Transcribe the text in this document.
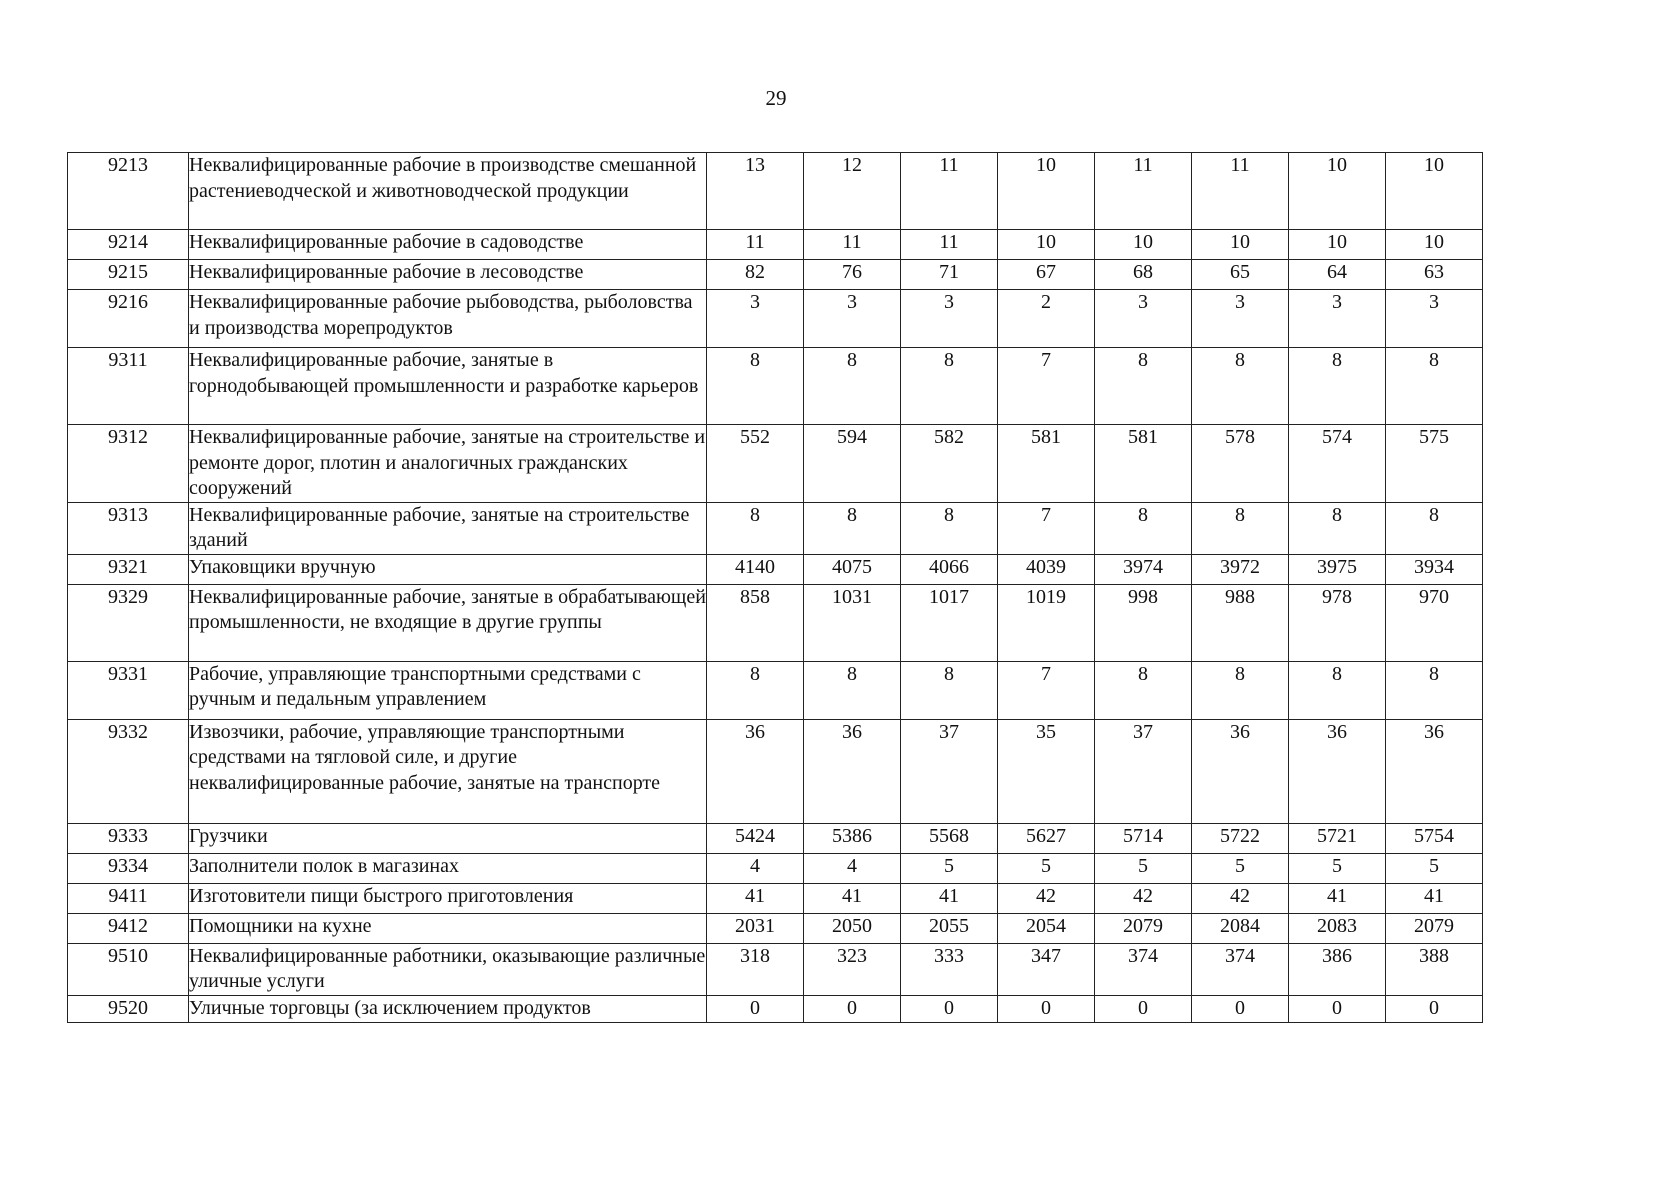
29
9213	Неквалифицированные рабочие в производстве смешанной растениеводческой и животноводческой продукции	13	12	11	10	11	11	10	10
9214	Неквалифицированные рабочие в садоводстве	11	11	11	10	10	10	10	10
9215	Неквалифицированные рабочие в лесоводстве	82	76	71	67	68	65	64	63
9216	Неквалифицированные рабочие рыбоводства, рыболовства и производства морепродуктов	3	3	3	2	3	3	3	3
9311	Неквалифицированные рабочие, занятые в горнодобывающей промышленности и разработке карьеров	8	8	8	7	8	8	8	8
9312	Неквалифицированные рабочие, занятые на строительстве и ремонте дорог, плотин и аналогичных гражданских сооружений	552	594	582	581	581	578	574	575
9313	Неквалифицированные рабочие, занятые на строительстве зданий	8	8	8	7	8	8	8	8
9321	Упаковщики вручную	4140	4075	4066	4039	3974	3972	3975	3934
9329	Неквалифицированные рабочие, занятые в обрабатывающей промышленности, не входящие в другие группы	858	1031	1017	1019	998	988	978	970
9331	Рабочие, управляющие транспортными средствами с ручным и педальным управлением	8	8	8	7	8	8	8	8
9332	Извозчики, рабочие, управляющие транспортными средствами на тягловой силе, и другие неквалифицированные рабочие, занятые на транспорте	36	36	37	35	37	36	36	36
9333	Грузчики	5424	5386	5568	5627	5714	5722	5721	5754
9334	Заполнители полок в магазинах	4	4	5	5	5	5	5	5
9411	Изготовители пищи быстрого приготовления	41	41	41	42	42	42	41	41
9412	Помощники на кухне	2031	2050	2055	2054	2079	2084	2083	2079
9510	Неквалифицированные работники, оказывающие различные уличные услуги	318	323	333	347	374	374	386	388
9520	Уличные торговцы (за исключением продуктов	0	0	0	0	0	0	0	0
